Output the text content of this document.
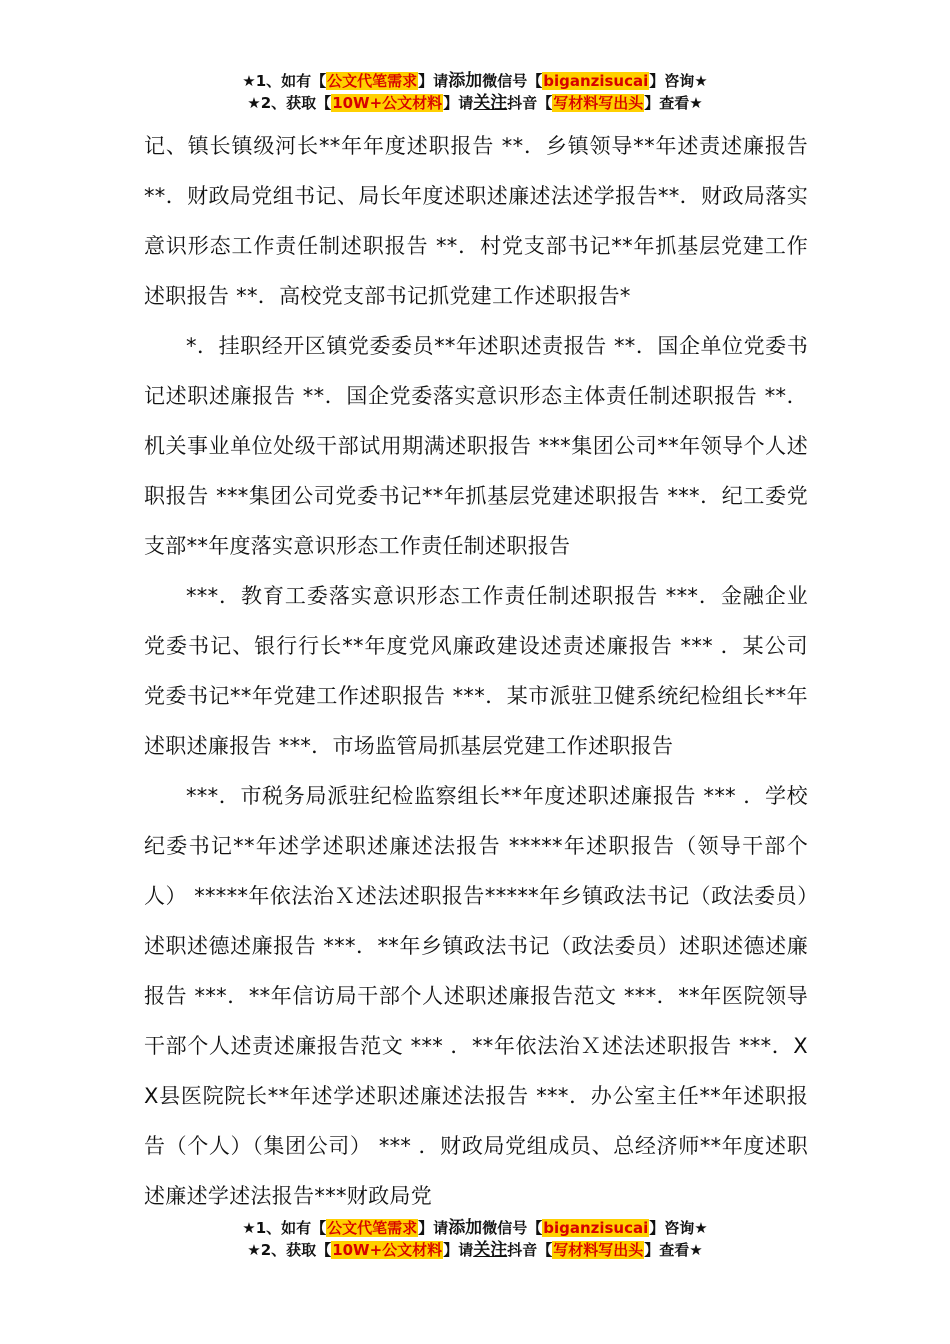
★1、如有【公文代笔需求】请添加微信号【biganzisucai】咨询★
★2、获取【10W+公文材料】请关注抖音【写材料写出头】查看★

记、镇长镇级河长**年年度述职报告 **．乡镇领导**年述责述廉报告 **．财政局党组书记、局长年度述职述廉述法述学报告**．财政局落实意识形态工作责任制述职报告 **．村党支部书记**年抓基层党建工作述职报告 **．高校党支部书记抓党建工作述职报告*

*．挂职经开区镇党委委员**年述职述责报告 **．国企单位党委书记述职述廉报告 **．国企党委落实意识形态主体责任制述职报告 **．机关事业单位处级干部试用期满述职报告 ***集团公司**年领导个人述职报告 ***集团公司党委书记**年抓基层党建述职报告 ***．纪工委党支部**年度落实意识形态工作责任制述职报告

***．教育工委落实意识形态工作责任制述职报告 ***．金融企业党委书记、银行行长**年度党风廉政建设述责述廉报告 *** ．某公司党委书记**年党建工作述职报告 ***．某市派驻卫健系统纪检组长**年述职述廉报告 ***．市场监管局抓基层党建工作述职报告

***．市税务局派驻纪检监察组长**年度述职述廉报告 *** ．学校纪委书记**年述学述职述廉述法报告 *****年述职报告（领导干部个人） *****年依法治Ｘ述法述职报告*****年乡镇政法书记（政法委员）述职述德述廉报告 ***．**年乡镇政法书记（政法委员）述职述德述廉报告 ***．**年信访局干部个人述职述廉报告范文 ***．**年医院领导干部个人述责述廉报告范文 *** ．**年依法治Ｘ述法述职报告 ***．XX县医院院长**年述学述职述廉述法报告 ***．办公室主任**年述职报告（个人）（集团公司） *** ．财政局党组成员、总经济师**年度述职述廉述学述法报告***财政局党

★1、如有【公文代笔需求】请添加微信号【biganzisucai】咨询★
★2、获取【10W+公文材料】请关注抖音【写材料写出头】查看★
